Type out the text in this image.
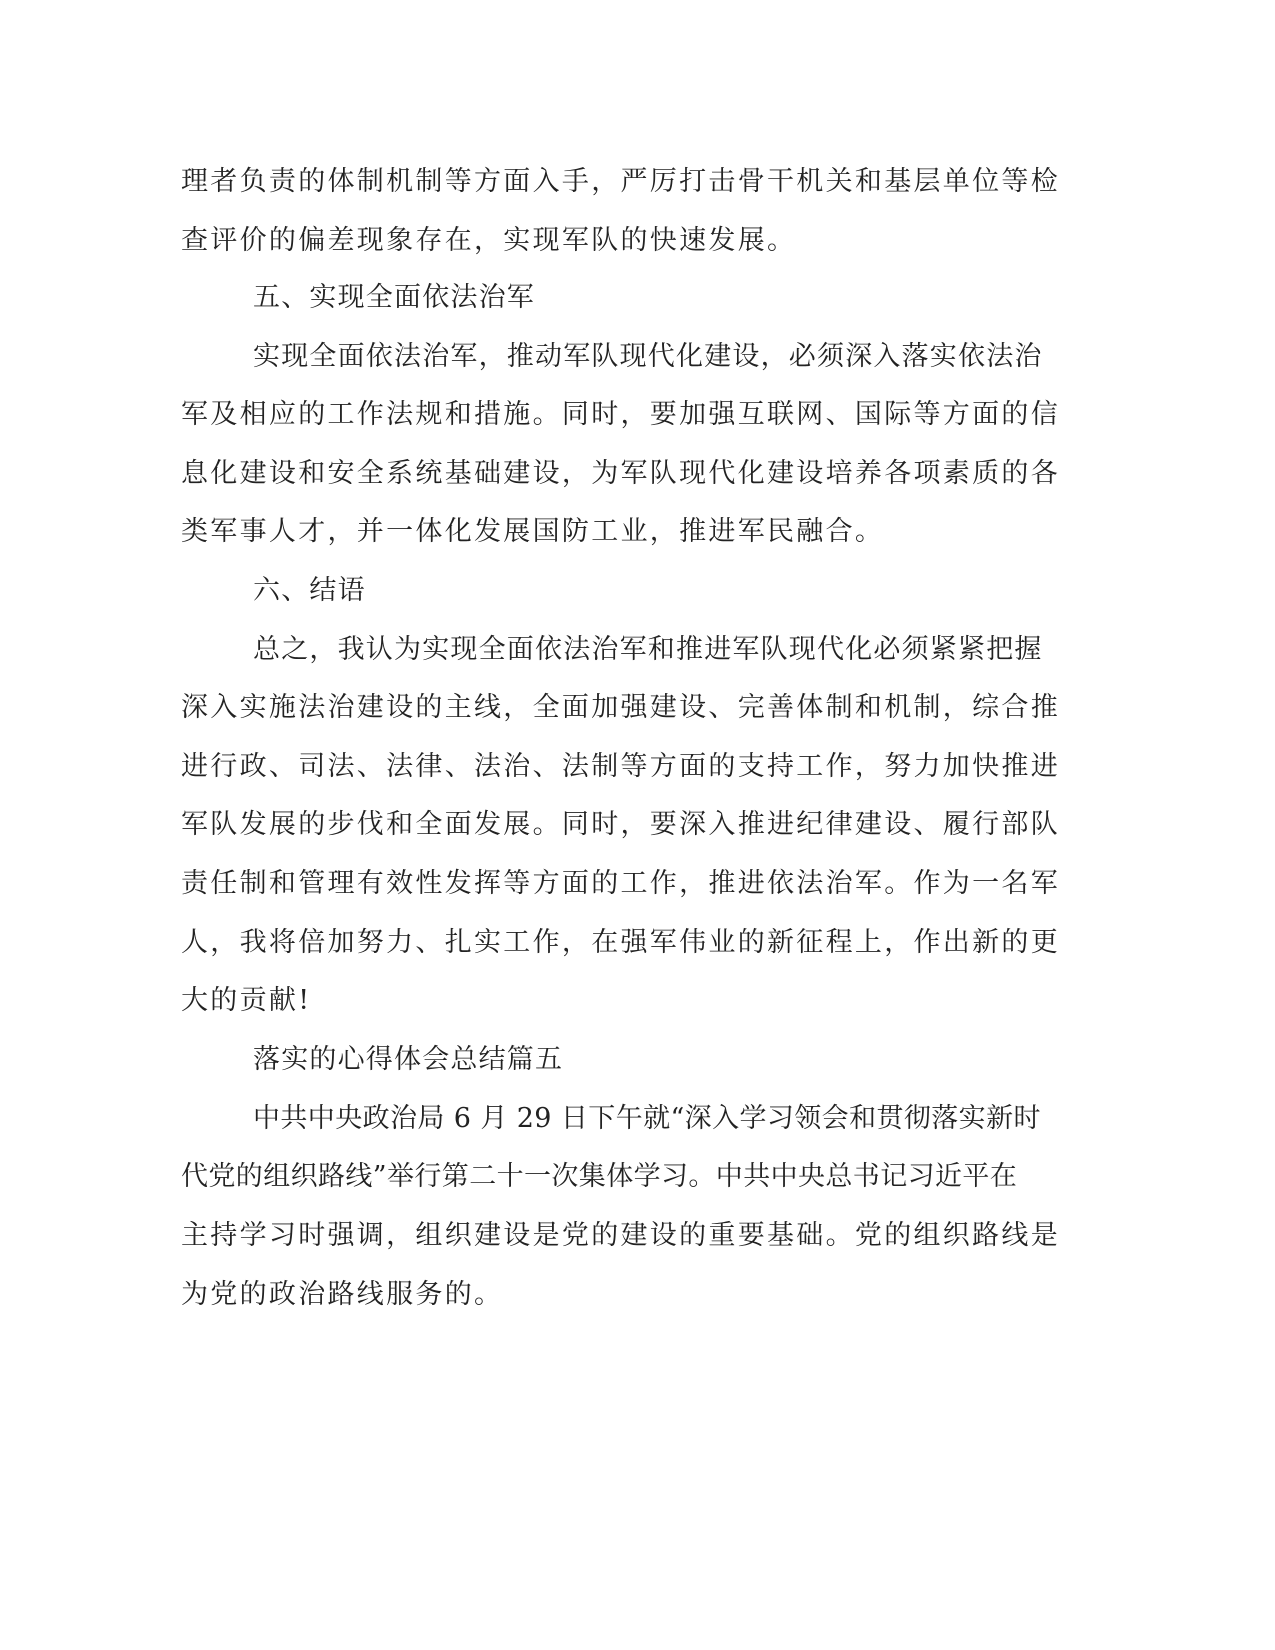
理者负责的体制机制等方面入手，严厉打击骨干机关和基层单位等检
查评价的偏差现象存在，实现军队的快速发展。
五、实现全面依法治军
实现全面依法治军，推动军队现代化建设，必须深入落实依法治
军及相应的工作法规和措施。同时，要加强互联网、国际等方面的信
息化建设和安全系统基础建设，为军队现代化建设培养各项素质的各
类军事人才，并一体化发展国防工业，推进军民融合。
六、结语
总之，我认为实现全面依法治军和推进军队现代化必须紧紧把握
深入实施法治建设的主线，全面加强建设、完善体制和机制，综合推
进行政、司法、法律、法治、法制等方面的支持工作，努力加快推进
军队发展的步伐和全面发展。同时，要深入推进纪律建设、履行部队
责任制和管理有效性发挥等方面的工作，推进依法治军。作为一名军
人，我将倍加努力、扎实工作，在强军伟业的新征程上，作出新的更
大的贡献!
落实的心得体会总结篇五
中共中央政治局 6 月 29 日下午就“深入学习领会和贯彻落实新时
代党的组织路线”举行第二十一次集体学习。中共中央总书记习近平在
主持学习时强调，组织建设是党的建设的重要基础。党的组织路线是
为党的政治路线服务的。
